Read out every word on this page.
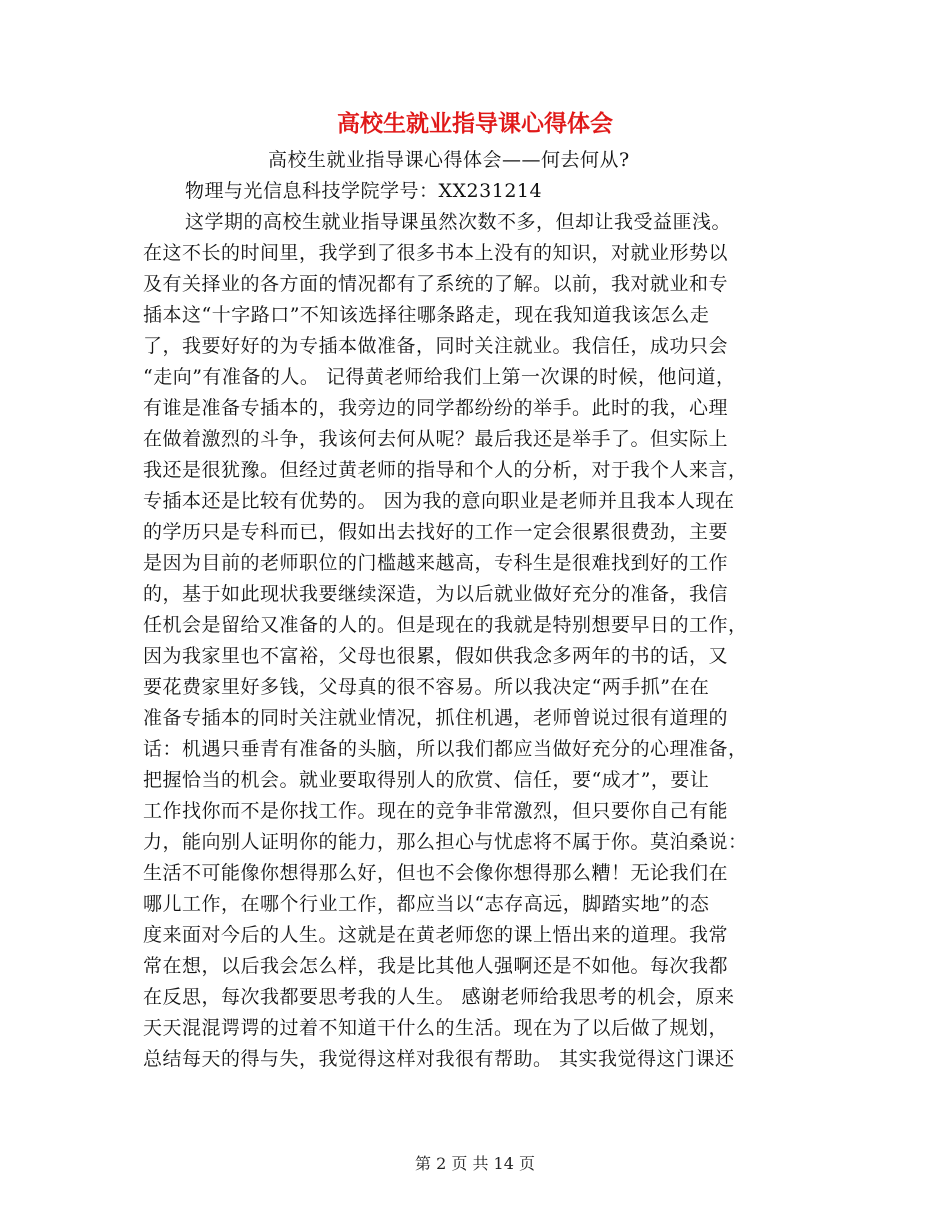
高校生就业指导课心得体会
高校生就业指导课心得体会——何去何从?
物理与光信息科技学院学号：XX231214
这学期的高校生就业指导课虽然次数不多，但却让我受益匪浅。
在这不长的时间里，我学到了很多书本上没有的知识，对就业形势以
及有关择业的各方面的情况都有了系统的了解。以前，我对就业和专
插本这“十字路口”不知该选择往哪条路走，现在我知道我该怎么走
了，我要好好的为专插本做准备，同时关注就业。我信任，成功只会
“走向”有准备的人。 记得黄老师给我们上第一次课的时候，他问道，
有谁是准备专插本的，我旁边的同学都纷纷的举手。此时的我，心理
在做着激烈的斗争，我该何去何从呢？最后我还是举手了。但实际上
我还是很犹豫。但经过黄老师的指导和个人的分析，对于我个人来言，
专插本还是比较有优势的。 因为我的意向职业是老师并且我本人现在
的学历只是专科而已，假如出去找好的工作一定会很累很费劲，主要
是因为目前的老师职位的门槛越来越高，专科生是很难找到好的工作
的，基于如此现状我要继续深造，为以后就业做好充分的准备，我信
任机会是留给又准备的人的。但是现在的我就是特别想要早日的工作，
因为我家里也不富裕，父母也很累，假如供我念多两年的书的话，又
要花费家里好多钱，父母真的很不容易。所以我决定“两手抓”在在
准备专插本的同时关注就业情况，抓住机遇，老师曾说过很有道理的
话：机遇只垂青有准备的头脑，所以我们都应当做好充分的心理准备，
把握恰当的机会。就业要取得别人的欣赏、信任，要“成才”，要让
工作找你而不是你找工作。现在的竞争非常激烈，但只要你自己有能
力，能向别人证明你的能力，那么担心与忧虑将不属于你。莫泊桑说：
生活不可能像你想得那么好，但也不会像你想得那么糟！无论我们在
哪儿工作，在哪个行业工作，都应当以“志存高远，脚踏实地”的态
度来面对今后的人生。这就是在黄老师您的课上悟出来的道理。我常
常在想，以后我会怎么样，我是比其他人强啊还是不如他。每次我都
在反思，每次我都要思考我的人生。 感谢老师给我思考的机会，原来
天天混混谔谔的过着不知道干什么的生活。现在为了以后做了规划，
总结每天的得与失，我觉得这样对我很有帮助。 其实我觉得这门课还
第 2 页 共 14 页
